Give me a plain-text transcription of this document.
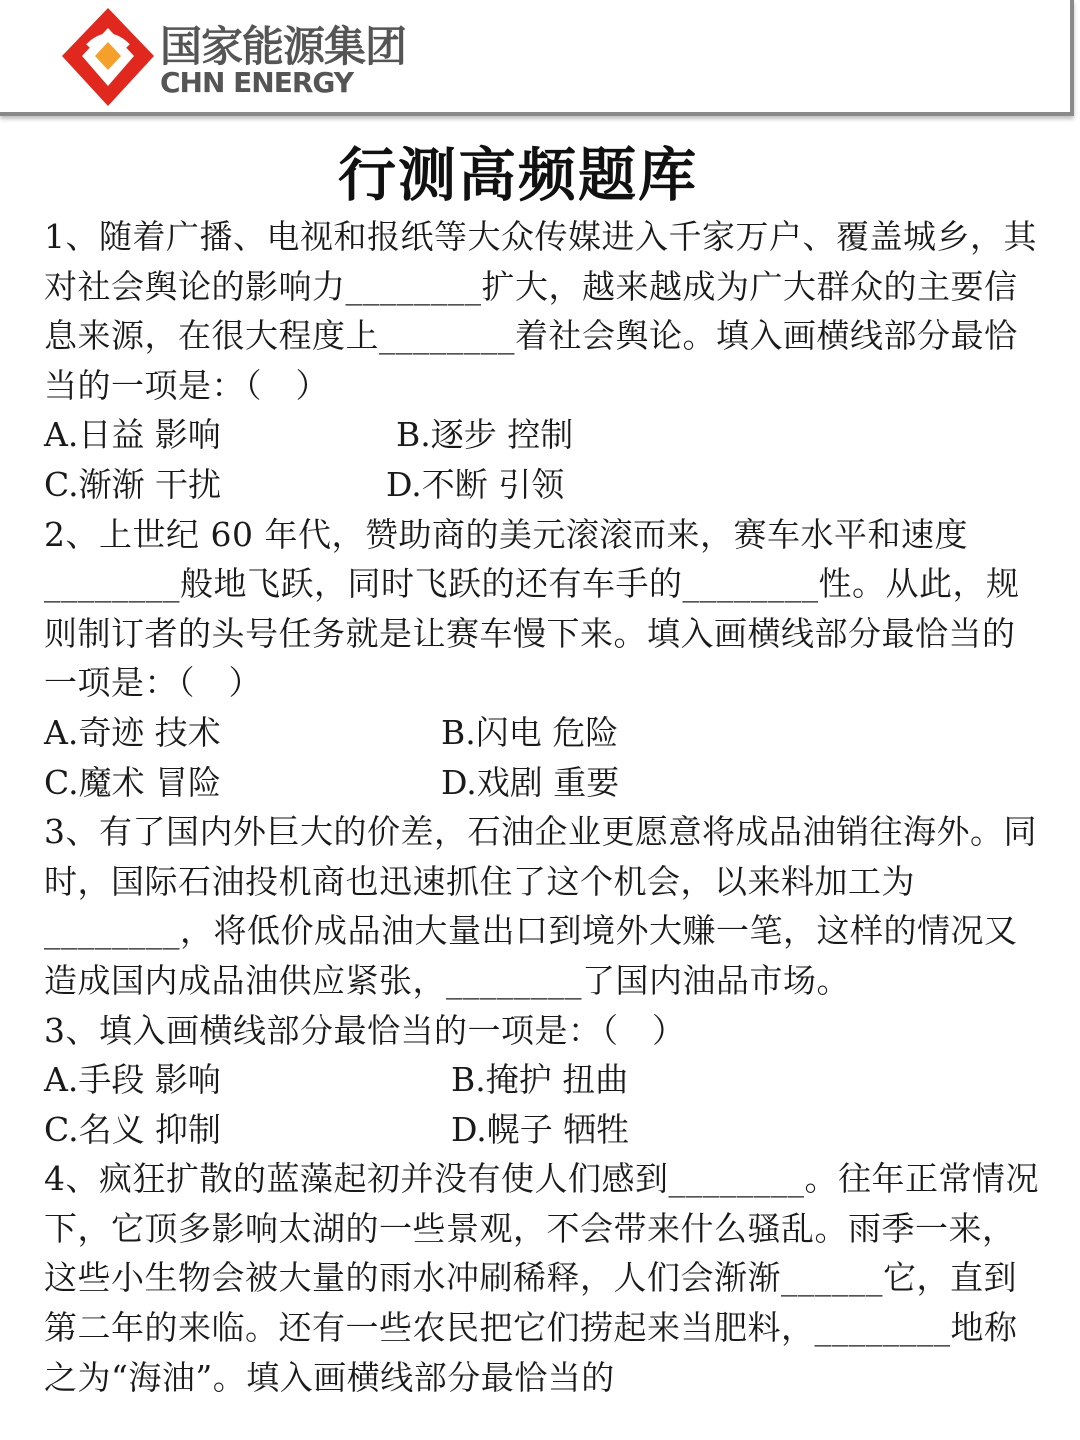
国家能源集团
CHN ENERGY
行测高频题库

1、随着广播、电视和报纸等大众传媒进入千家万户、覆盖城乡，其对社会舆论的影响力________扩大，越来越成为广大群众的主要信息来源，在很大程度上________着社会舆论。填入画横线部分最恰当的一项是：（　）

A.日益 影响	B.逐步 控制
C.渐渐 干扰	D.不断 引领

2、上世纪 60 年代，赞助商的美元滚滚而来，赛车水平和速度________般地飞跃，同时飞跃的还有车手的________性。从此，规则制订者的头号任务就是让赛车慢下来。填入画横线部分最恰当的一项是：（　）

A.奇迹 技术	B.闪电 危险
C.魔术 冒险	D.戏剧 重要

3、有了国内外巨大的价差，石油企业更愿意将成品油销往海外。同时，国际石油投机商也迅速抓住了这个机会，以来料加工为________，将低价成品油大量出口到境外大赚一笔，这样的情况又造成国内成品油供应紧张，________了国内油品市场。

3、填入画横线部分最恰当的一项是：（　）

A.手段 影响	B.掩护 扭曲
C.名义 抑制	D.幌子 牺牲

4、疯狂扩散的蓝藻起初并没有使人们感到________。往年正常情况下，它顶多影响太湖的一些景观，不会带来什么骚乱。雨季一来，这些小生物会被大量的雨水冲刷稀释，人们会渐渐______它，直到第二年的来临。还有一些农民把它们捞起来当肥料，________地称之为“海油”。填入画横线部分最恰当的
